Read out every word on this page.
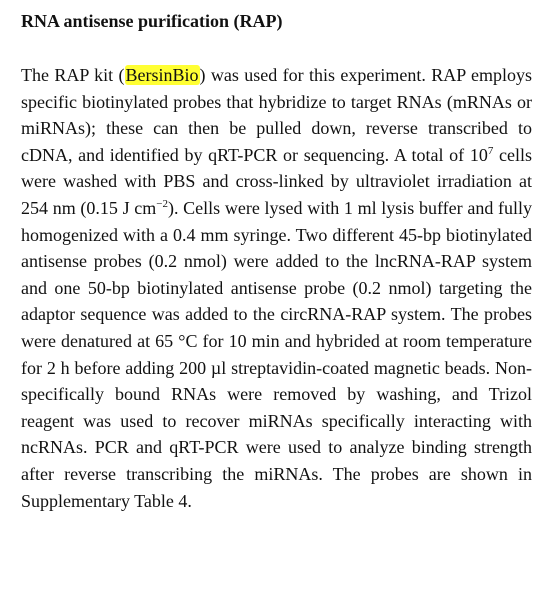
RNA antisense purification (RAP)

The RAP kit (BersinBio) was used for this experiment. RAP employs specific biotinylated probes that hybridize to target RNAs (mRNAs or miRNAs); these can then be pulled down, reverse transcribed to cDNA, and identified by qRT-PCR or sequencing. A total of $10^7$ cells were washed with PBS and cross-linked by ultraviolet irradiation at 254 nm (0.15 J $cm^{-2}$). Cells were lysed with 1 ml lysis buffer and fully homogenized with a 0.4 mm syringe. Two different 45-bp biotinylated antisense probes (0.2 nmol) were added to the lncRNA-RAP system and one 50-bp biotinylated antisense probe (0.2 nmol) targeting the adaptor sequence was added to the circRNA-RAP system. The probes were denatured at 65 °C for 10 min and hybrided at room temperature for 2 h before adding 200 µl streptavidin-coated magnetic beads. Non-specifically bound RNAs were removed by washing, and Trizol reagent was used to recover miRNAs specifically interacting with ncRNAs. PCR and qRT-PCR were used to analyze binding strength after reverse transcribing the miRNAs. The probes are shown in Supplementary Table 4.
